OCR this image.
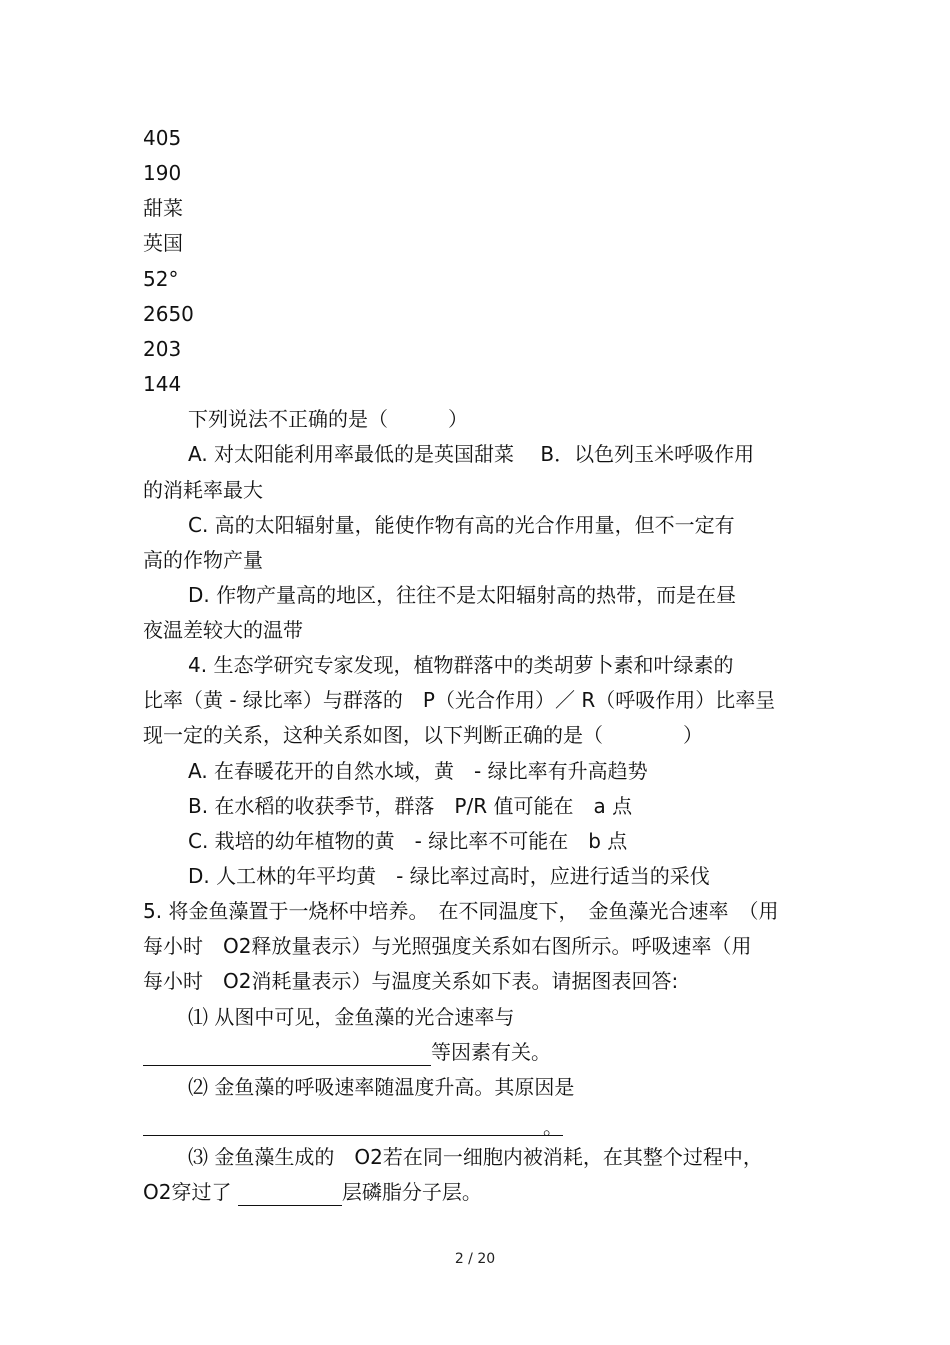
405
190
甜菜
英国
52°
2650
203
144
下列说法不正确的是（　　　）
A. 对太阳能利用率最低的是英国甜菜　 B．以色列玉米呼吸作用
的消耗率最大
C. 高的太阳辐射量，能使作物有高的光合作用量，但不一定有
高的作物产量
D. 作物产量高的地区，往往不是太阳辐射高的热带，而是在昼
夜温差较大的温带
4. 生态学研究专家发现，植物群落中的类胡萝卜素和叶绿素的
比率（黄 - 绿比率）与群落的　P（光合作用）／ R（呼吸作用）比率呈
现一定的关系，这种关系如图，以下判断正确的是（　　　　）
A. 在春暖花开的自然水域，黄　- 绿比率有升高趋势
B. 在水稻的收获季节，群落　P/R 值可能在　a 点
C. 栽培的幼年植物的黄　- 绿比率不可能在　b 点
D. 人工林的年平均黄　- 绿比率过高时，应进行适当的采伐
5. 将金鱼藻置于一烧杯中培养。　在不同温度下，　金鱼藻光合速率　（用
每小时　O2释放量表示）与光照强度关系如右图所示。呼吸速率（用
每小时　O2消耗量表示）与温度关系如下表。请据图表回答:
⑴ 从图中可见，金鱼藻的光合速率与
等因素有关。
⑵ 金鱼藻的呼吸速率随温度升高。其原因是
。
⑶ 金鱼藻生成的　O2若在同一细胞内被消耗，在其整个过程中，
O2穿过了	层磷脂分子层。
2 / 20
